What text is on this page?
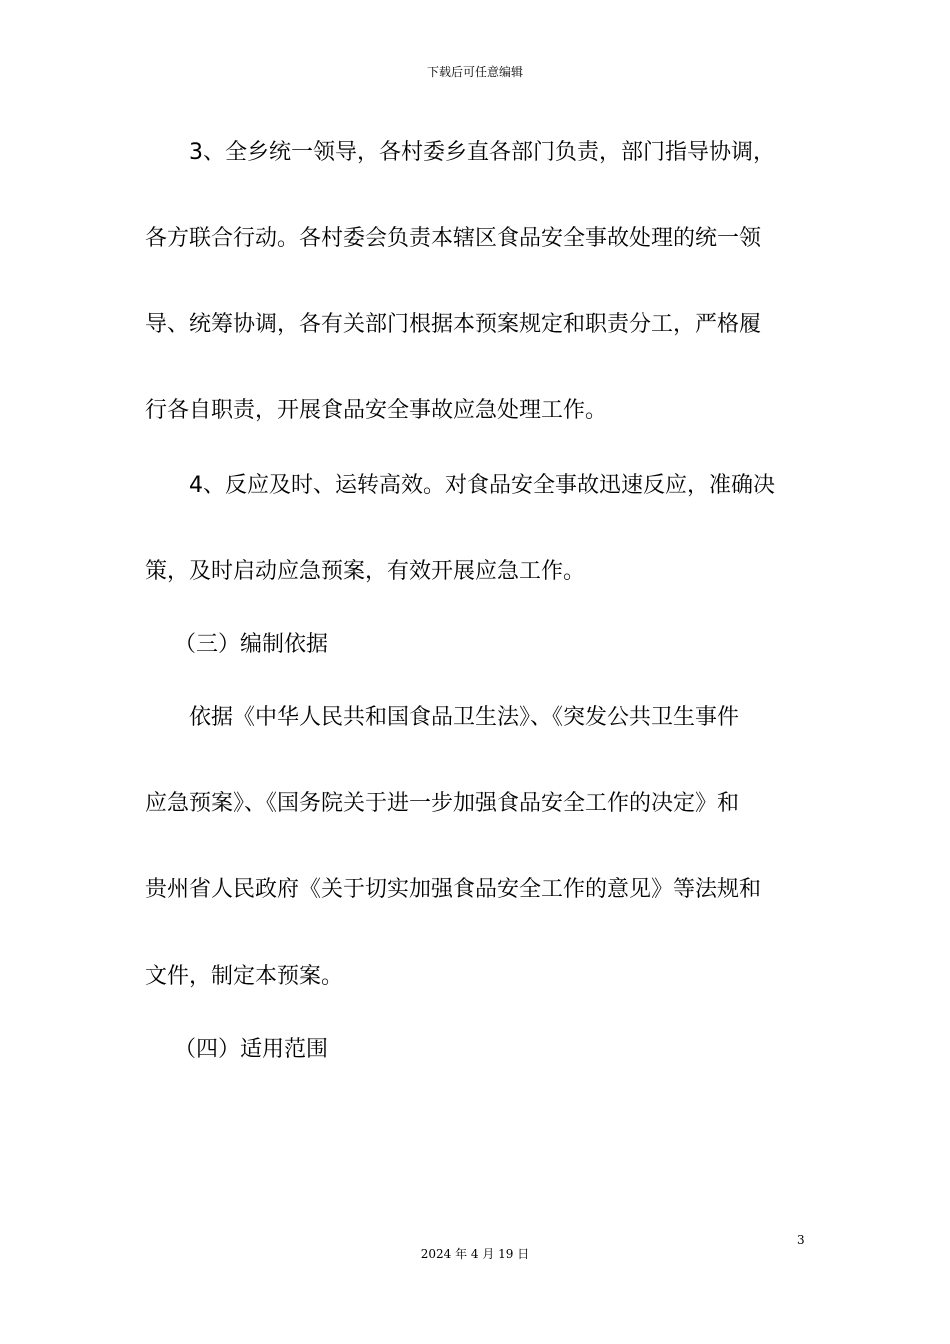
下载后可任意编辑
　　3、全乡统一领导，各村委乡直各部门负责，部门指导协调，
各方联合行动。各村委会负责本辖区食品安全事故处理的统一领
导、统筹协调，各有关部门根据本预案规定和职责分工，严格履
行各自职责，开展食品安全事故应急处理工作。
　　4、反应及时、运转高效。对食品安全事故迅速反应，准确决
策，及时启动应急预案，有效开展应急工作。
　 （三）编制依据
　　依据《中华人民共和国食品卫生法》、《突发公共卫生事件
应急预案》、《国务院关于进一步加强食品安全工作的决定》和
贵州省人民政府《关于切实加强食品安全工作的意见》等法规和
文件，制定本预案。
　 （四）适用范围
3
2024 年 4 月 19 日
